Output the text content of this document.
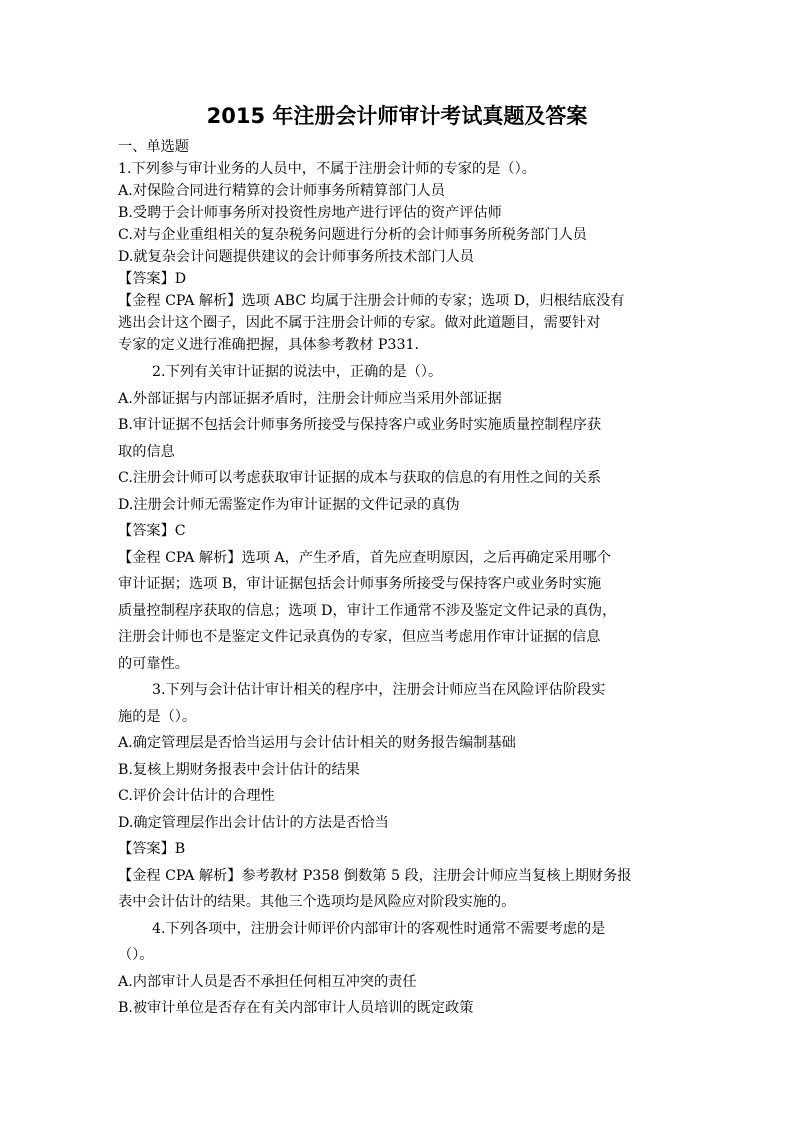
2015 年注册会计师审计考试真题及答案

一、单选题

1.下列参与审计业务的人员中，不属于注册会计师的专家的是（）。

A.对保险合同进行精算的会计师事务所精算部门人员

B.受聘于会计师事务所对投资性房地产进行评估的资产评估师

C.对与企业重组相关的复杂税务问题进行分析的会计师事务所税务部门人员

D.就复杂会计问题提供建议的会计师事务所技术部门人员

【答案】D

【金程 CPA 解析】选项 ABC 均属于注册会计师的专家；选项 D，归根结底没有

逃出会计这个圈子，因此不属于注册会计师的专家。做对此道题目，需要针对

专家的定义进行准确把握，具体参考教材 P331.

2.下列有关审计证据的说法中，正确的是（）。

A.外部证据与内部证据矛盾时，注册会计师应当采用外部证据

B.审计证据不包括会计师事务所接受与保持客户或业务时实施质量控制程序获

取的信息

C.注册会计师可以考虑获取审计证据的成本与获取的信息的有用性之间的关系

D.注册会计师无需鉴定作为审计证据的文件记录的真伪

【答案】C

【金程 CPA 解析】选项 A，产生矛盾，首先应查明原因，之后再确定采用哪个

审计证据；选项 B，审计证据包括会计师事务所接受与保持客户或业务时实施

质量控制程序获取的信息；选项 D，审计工作通常不涉及鉴定文件记录的真伪，

注册会计师也不是鉴定文件记录真伪的专家，但应当考虑用作审计证据的信息

的可靠性。

3.下列与会计估计审计相关的程序中，注册会计师应当在风险评估阶段实

施的是（）。

A.确定管理层是否恰当运用与会计估计相关的财务报告编制基础

B.复核上期财务报表中会计估计的结果

C.评价会计估计的合理性

D.确定管理层作出会计估计的方法是否恰当

【答案】B

【金程 CPA 解析】参考教材 P358 倒数第 5 段，注册会计师应当复核上期财务报

表中会计估计的结果。其他三个选项均是风险应对阶段实施的。

4.下列各项中，注册会计师评价内部审计的客观性时通常不需要考虑的是

（）。

A.内部审计人员是否不承担任何相互冲突的责任

B.被审计单位是否存在有关内部审计人员培训的既定政策
